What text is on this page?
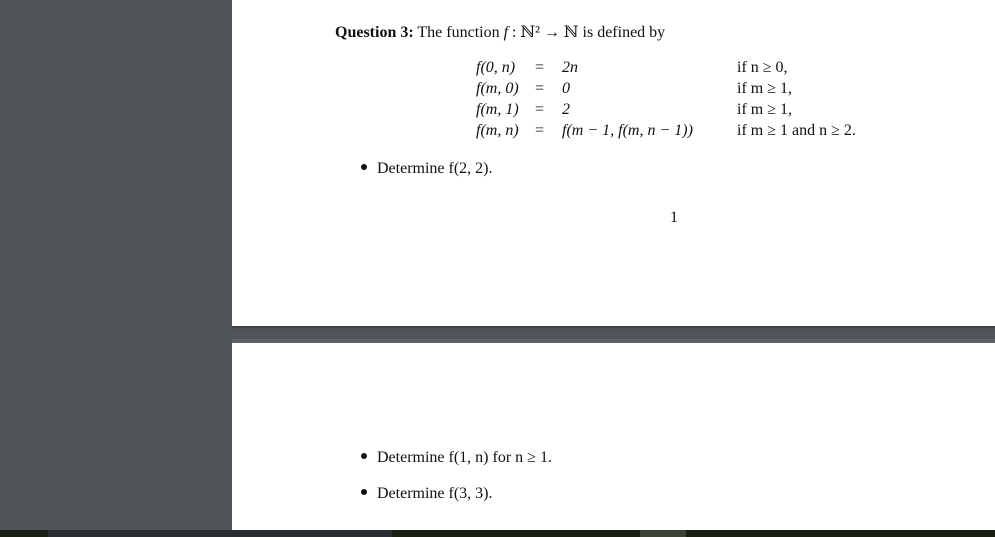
Question 3: The function f : ℕ² → ℕ is defined by
f(0, n) = 2n	if n ≥ 0,
f(m, 0) = 0	if m ≥ 1,
f(m, 1) = 2	if m ≥ 1,
f(m, n) = f(m − 1, f(m, n − 1))	if m ≥ 1 and n ≥ 2.
Determine f(2, 2).
1
Determine f(1, n) for n ≥ 1.
Determine f(3, 3).
